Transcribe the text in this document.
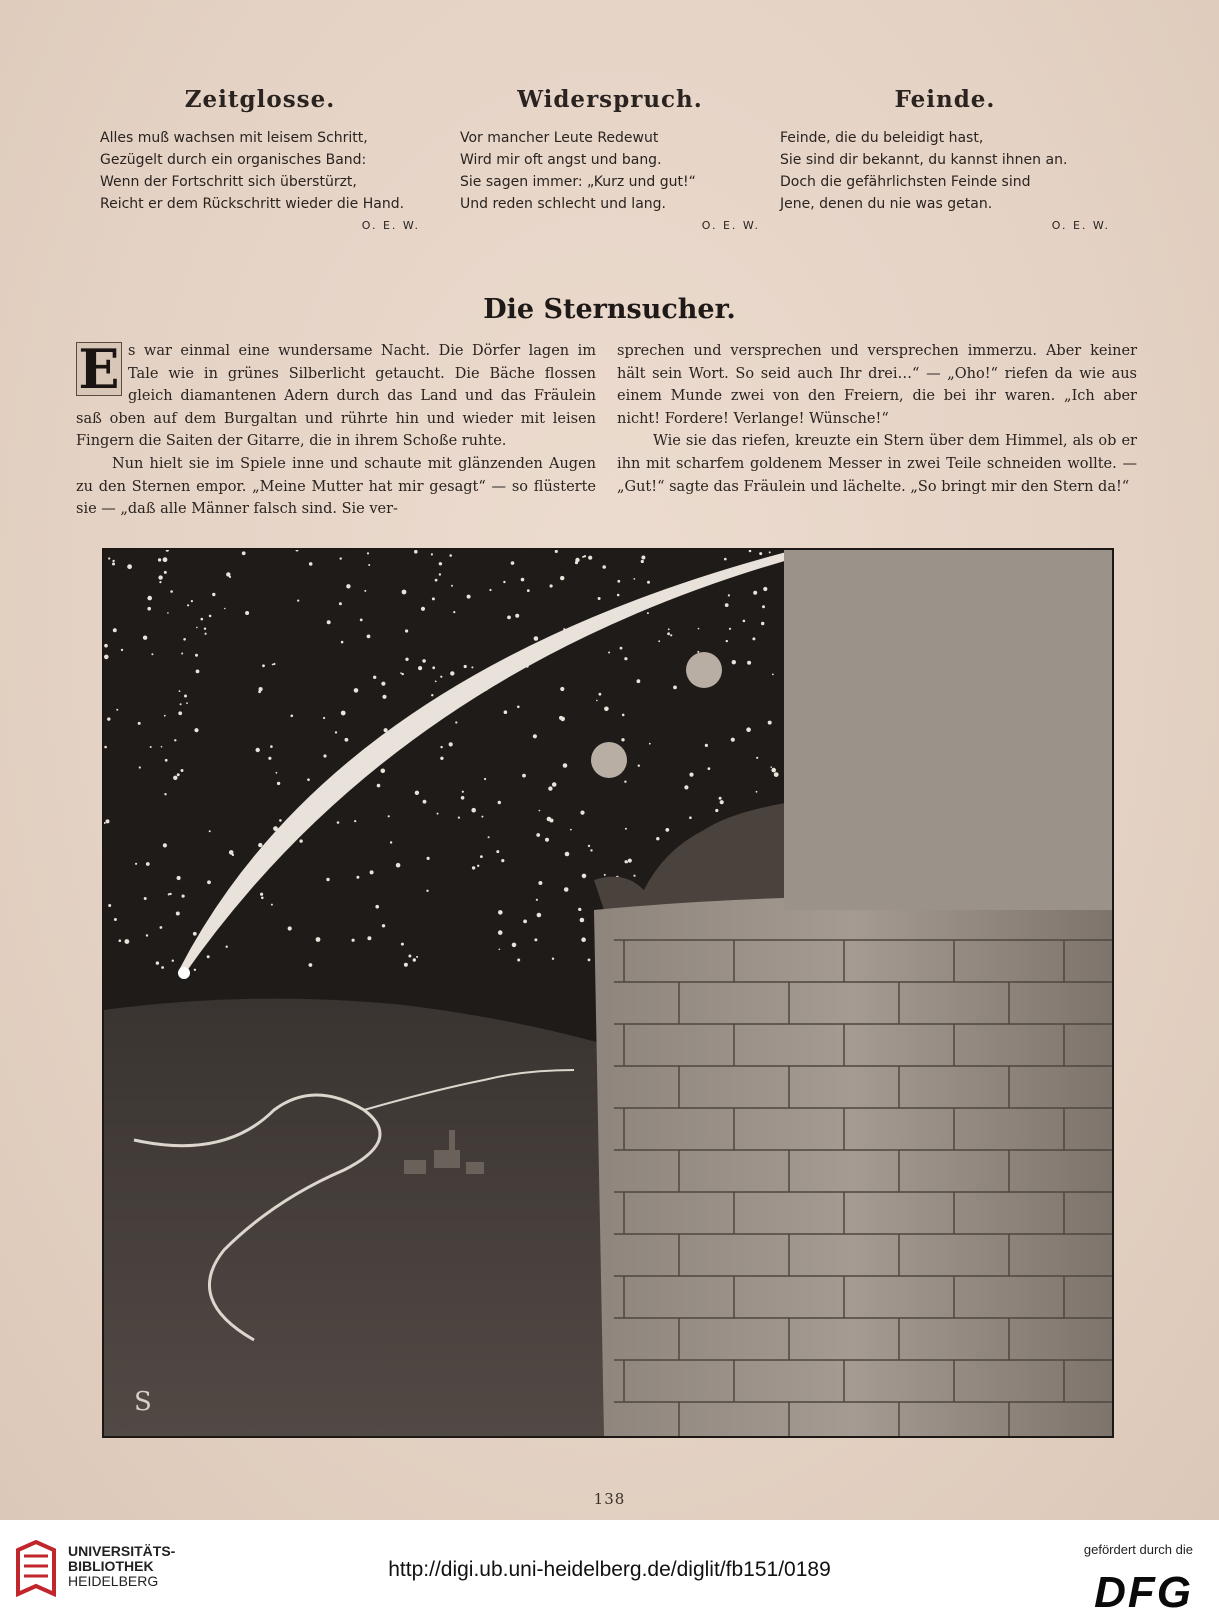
Zeitglosse.
Alles muß wachsen mit leisem Schritt,
Gezügelt durch ein organisches Band:
Wenn der Fortschritt sich überstürzt,
Reicht er dem Rückschritt wieder die Hand.
O. E. W.
Widerspruch.
Vor mancher Leute Redewut
Wird mir oft angst und bang.
Sie sagen immer: „Kurz und gut!“
Und reden schlecht und lang.
O. E. W.
Feinde.
Feinde, die du beleidigt hast,
Sie sind dir bekannt, du kannst ihnen an.
Doch die gefährlichsten Feinde sind
Jene, denen du nie was getan.
O. E. W.
Die Sternsucher.

E s war einmal eine wundersame Nacht. Die Dörfer lagen im Tale wie in grünes Silberlicht getaucht. Die Bäche flossen gleich diamantenen Adern durch das Land und das Fräulein saß oben auf dem Burgaltan und rührte hin und wieder mit leisen Fingern die Saiten der Gitarre, die in ihrem Schoße ruhte.

Nun hielt sie im Spiele inne und schaute mit glänzenden Augen zu den Sternen empor. „Meine Mutter hat mir gesagt“ — so flüsterte sie — „daß alle Männer falsch sind. Sie ver-

sprechen und versprechen und versprechen immerzu. Aber keiner hält sein Wort. So seid auch Ihr drei…“ — „Oho!“ riefen da wie aus einem Munde zwei von den Freiern, die bei ihr waren. „Ich aber nicht! Fordere! Verlange! Wünsche!“

Wie sie das riefen, kreuzte ein Stern über dem Himmel, als ob er ihn mit scharfem goldenem Messer in zwei Teile schneiden wollte. — „Gut!“ sagte das Fräulein und lächelte. „So bringt mir den Stern da!“

S
138
UNIVERSITÄTS-
BIBLIOTHEK
HEIDELBERG	http://digi.ub.uni-heidelberg.de/diglit/fb151/0189
gefördert durch die
DFG
